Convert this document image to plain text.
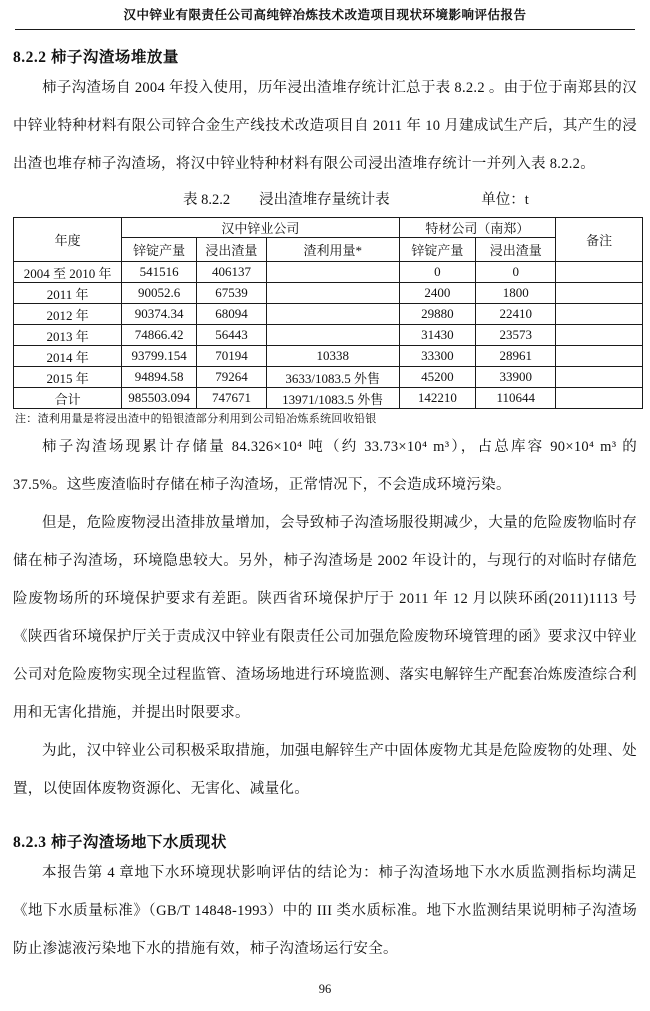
汉中锌业有限责任公司高纯锌冶炼技术改造项目现状环境影响评估报告
8.2.2 柿子沟渣场堆放量

柿子沟渣场自 2004 年投入使用，历年浸出渣堆存统计汇总于表 8.2.2 。由于位于南郑县的汉中锌业特种材料有限公司锌合金生产线技术改造项目自 2011 年 10 月建成试生产后，其产生的浸出渣也堆存柿子沟渣场，将汉中锌业特种材料有限公司浸出渣堆存统计一并列入表 8.2.2。

表 8.2.2　　浸出渣堆存量统计表	单位：t
年度	汉中锌业公司			特材公司（南郑）		备注
	锌锭产量	浸出渣量	渣利用量*	锌锭产量	浸出渣量	
2004 至 2010 年	541516	406137		0	0	
2011 年	90052.6	67539		2400	1800	
2012 年	90374.34	68094		29880	22410	
2013 年	74866.42	56443		31430	23573	
2014 年	93799.154	70194	10338	33300	28961	
2015 年	94894.58	79264	3633/1083.5 外售	45200	33900	
合计	985503.094	747671	13971/1083.5 外售	142210	110644	
注：渣利用量是将浸出渣中的铅银渣部分利用到公司铅冶炼系统回收铅银

柿子沟渣场现累计存储量 84.326×10⁴ 吨（约 33.73×10⁴ m³），占总库容 90×10⁴ m³ 的 37.5%。这些废渣临时存储在柿子沟渣场，正常情况下，不会造成环境污染。

但是，危险废物浸出渣排放量增加，会导致柿子沟渣场服役期减少，大量的危险废物临时存储在柿子沟渣场，环境隐患较大。另外，柿子沟渣场是 2002 年设计的，与现行的对临时存储危险废物场所的环境保护要求有差距。陕西省环境保护厅于 2011 年 12 月以陕环函(2011)1113 号《陕西省环境保护厅关于责成汉中锌业有限责任公司加强危险废物环境管理的函》要求汉中锌业公司对危险废物实现全过程监管、渣场场地进行环境监测、落实电解锌生产配套冶炼废渣综合利用和无害化措施，并提出时限要求。

为此，汉中锌业公司积极采取措施，加强电解锌生产中固体废物尤其是危险废物的处理、处置，以使固体废物资源化、无害化、减量化。

8.2.3 柿子沟渣场地下水质现状

本报告第 4 章地下水环境现状影响评估的结论为：柿子沟渣场地下水水质监测指标均满足《地下水质量标准》（GB/T 14848-1993）中的 III 类水质标准。地下水监测结果说明柿子沟渣场防止渗滤液污染地下水的措施有效，柿子沟渣场运行安全。

96
